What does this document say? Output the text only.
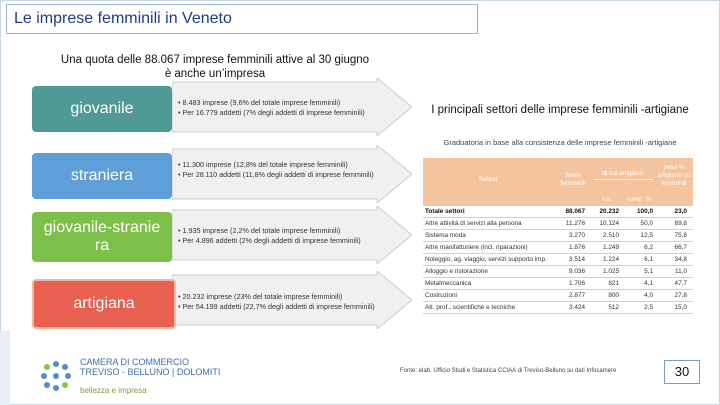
Le imprese femminili in Veneto
Una quota delle 88.067 imprese femminili attive al 30 giugno è anche un’impresa
giovanile	• 8.483 imprese (9,6% del totale imprese femminili)
• Per 16.779 addetti (7% degli addetti di imprese femminili)
straniera
• 11.300 imprese (12,8% del totale imprese femminili)
• Per 28.110 addetti (11,8% degli addetti di imprese femminili)
giovanile-straniera
• 1.935 imprese (2,2% del totale imprese femminili)
• Per 4.896 addetti (2% degli addetti di imprese femminili)
artigiana	• 20.232 imprese (23% del totale imprese femminili)
• Per 54.199 addetti (22,7% degli addetti di imprese femminili)
I principali settori delle imprese femminili -artigiane
Graduatoria in base alla consistenza delle imprese femminili -artigiane
Settori
Totale femminili
di cui artigiane
peso % artigiane su femminili
v.a.	comp. %
Totale settori	88.067	20.232	100,0	23,0
Altre attività di servizi alla persona	11.276	10.124	50,0	89,8
Sistema moda	3.270	2.510	12,5	75,8
Altre manifatturiere (incl. riparazioni)	1.876	1.249	6,2	66,7
Noleggio, ag. viaggio, servizi supporto imp.	3.514	1.224	6,1	34,8
Alloggio e ristorazione	9.036	1.025	5,1	11,0
Metalmeccanica	1.706	821	4,1	47,7
Costruzioni	2.877	800	4,0	27,8
Att. prof., scientifiche e tecniche	3.424	512	2,5	15,0
CAMERA DI COMMERCIO
TREVISO - BELLUNO | DOLOMITI
bellezza e impresa
Fonte: elab. Ufficio Studi e Statistica CCIAA di Treviso-Belluno su dati Infocamere	30
